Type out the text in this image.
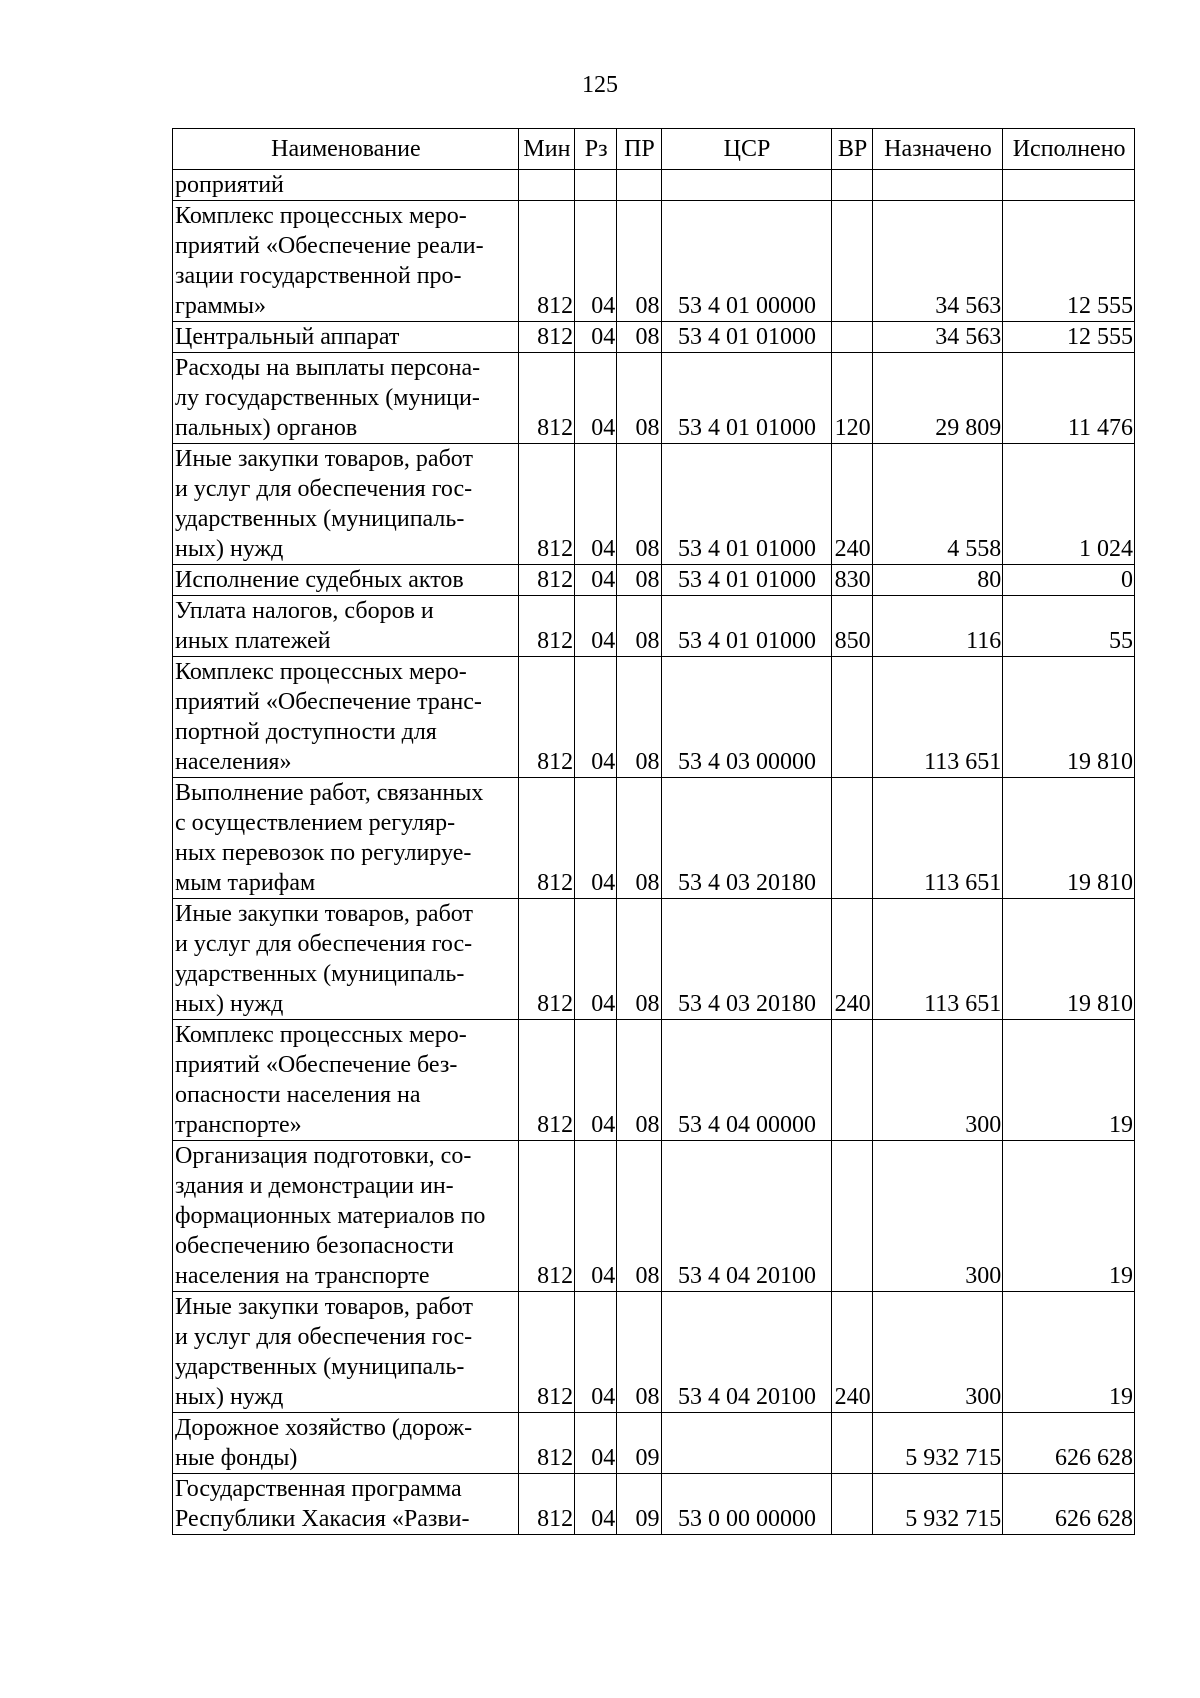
125
Наименование	Мин	Рз	ПР	ЦСР	ВР	Назначено	Исполнено

роприятий							

Комплекс процессных меро-
приятий «Обеспечение реали-
зации государственной про-
граммы»	812	04	08	53 4 01 00000		34 563	12 555

Центральный аппарат	812	04	08	53 4 01 01000		34 563	12 555

Расходы на выплаты персона-
лу государственных (муници-
пальных) органов	812	04	08	53 4 01 01000	120	29 809	11 476

Иные закупки товаров, работ
и услуг для обеспечения гос-
ударственных (муниципаль-
ных) нужд	812	04	08	53 4 01 01000	240	4 558	1 024

Исполнение судебных актов	812	04	08	53 4 01 01000	830	80	0

Уплата налогов, сборов и
иных платежей	812	04	08	53 4 01 01000	850	116	55

Комплекс процессных меро-
приятий «Обеспечение транс-
портной доступности для
населения»	812	04	08	53 4 03 00000		113 651	19 810

Выполнение работ, связанных
с осуществлением регуляр-
ных перевозок по регулируе-
мым тарифам	812	04	08	53 4 03 20180		113 651	19 810

Иные закупки товаров, работ
и услуг для обеспечения гос-
ударственных (муниципаль-
ных) нужд	812	04	08	53 4 03 20180	240	113 651	19 810

Комплекс процессных меро-
приятий «Обеспечение без-
опасности населения на
транспорте»	812	04	08	53 4 04 00000		300	19

Организация подготовки, со-
здания и демонстрации ин-
формационных материалов по
обеспечению безопасности
населения на транспорте	812	04	08	53 4 04 20100		300	19

Иные закупки товаров, работ
и услуг для обеспечения гос-
ударственных (муниципаль-
ных) нужд	812	04	08	53 4 04 20100	240	300	19

Дорожное хозяйство (дорож-
ные фонды)	812	04	09			5 932 715	626 628

Государственная программа
Республики Хакасия «Разви-	812	04	09	53 0 00 00000		5 932 715	626 628
